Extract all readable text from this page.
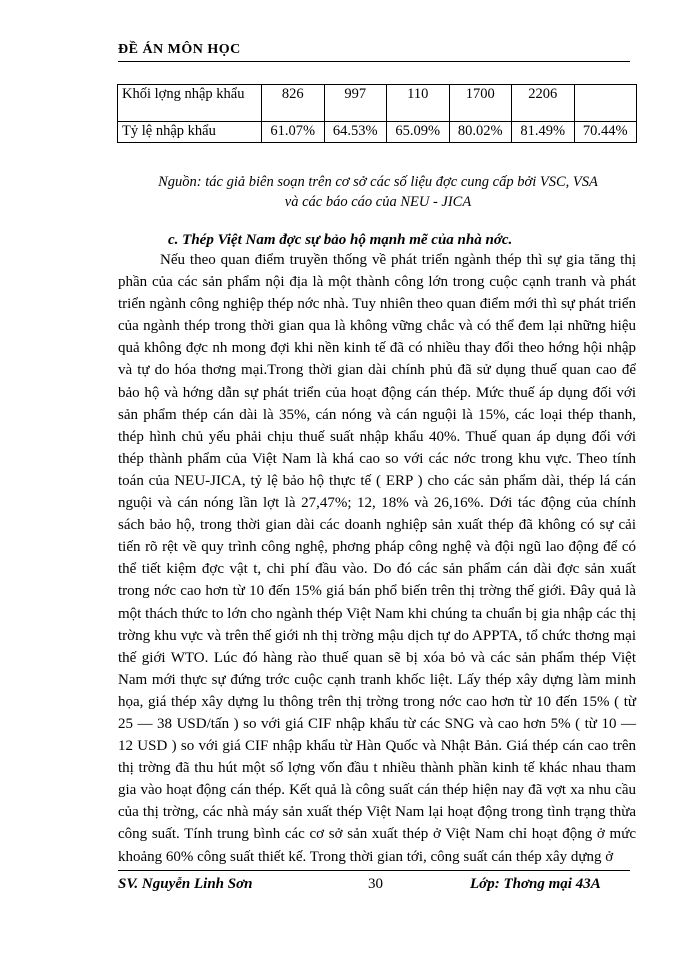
ĐỀ ÁN MÔN HỌC
Khối lợng nhập khẩu	826	997	110	1700	2206	
Tỷ lệ nhập khẩu	61.07%	64.53%	65.09%	80.02%	81.49%	70.44%
Nguồn: tác giả biên soạn trên cơ sở các số liệu đợc cung cấp bởi VSC, VSA
và các báo cáo của NEU - JICA
c. Thép Việt Nam đợc sự bảo hộ mạnh mẽ của nhà nớc.

Nếu theo quan điểm truyền thống về phát triển ngành thép thì sự gia tăng thị phần của các sản phẩm nội địa là một thành công lớn trong cuộc cạnh tranh và phát triển ngành công nghiệp thép nớc nhà. Tuy nhiên theo quan điểm mới thì sự phát triển của ngành thép trong thời gian qua là không vững chắc và có thể đem lại những hiệu quả không đợc nh mong đợi khi nền kinh tế đã có nhiều thay đổi theo hớng hội nhập và tự do hóa thơng mại.Trong thời gian dài chính phủ đã sử dụng thuế quan cao để bảo hộ và hớng dẫn sự phát triển của hoạt động cán thép. Mức thuế áp dụng đối với sản phẩm thép cán dài là 35%, cán nóng và cán nguội là 15%, các loại thép thanh, thép hình chủ yếu phải chịu thuế suất nhập khẩu 40%. Thuế quan áp dụng đối với thép thành phẩm của Việt Nam là khá cao so với các nớc trong khu vực. Theo tính toán của NEU-JICA, tỷ lệ bảo hộ thực tế ( ERP ) cho các sản phẩm dài, thép lá cán nguội và cán nóng lần lợt là 27,47%; 12, 18% và 26,16%. Dới tác động của chính sách bảo hộ, trong thời gian dài các doanh nghiệp sản xuất thép đã không có sự cải tiến rõ rệt về quy trình công nghệ, phơng pháp công nghệ và đội ngũ lao động để có thể tiết kiệm đợc vật t, chi phí đầu vào. Do đó các sản phẩm cán dài đợc sản xuất trong nớc cao hơn từ 10 đến 15% giá bán phổ biến trên thị trờng thế giới. Đây quả là một thách thức to lớn cho ngành thép Việt Nam khi chúng ta chuẩn bị gia nhập các thị trờng khu vực và trên thế giới nh thị trờng mậu dịch tự do APPTA, tổ chức thơng mại thế giới WTO. Lúc đó hàng rào thuế quan sẽ bị xóa bỏ và các sản phẩm thép Việt Nam mới thực sự đứng trớc cuộc cạnh tranh khốc liệt. Lấy thép xây dựng làm minh họa, giá thép xây dựng lu thông trên thị trờng trong nớc cao hơn từ 10 đến 15% ( từ 25 — 38 USD/tấn ) so với giá CIF nhập khẩu từ các SNG và cao hơn 5% ( từ 10 — 12 USD ) so với giá CIF nhập khẩu từ Hàn Quốc và Nhật Bản. Giá thép cán cao trên thị trờng đã thu hút một số lợng vốn đầu t nhiều thành phần kinh tế khác nhau tham gia vào hoạt động cán thép. Kết quả là công suất cán thép hiện nay đã vợt xa nhu cầu của thị trờng, các nhà máy sản xuất thép Việt Nam lại hoạt động trong tình trạng thừa công suất. Tính trung bình các cơ sở sản xuất thép ở Việt Nam chỉ hoạt động ở mức khoảng 60% công suất thiết kế. Trong thời gian tới, công suất cán thép xây dựng ở

SV. Nguyễn Linh Sơn	30	Lớp: Thơng mại 43A
